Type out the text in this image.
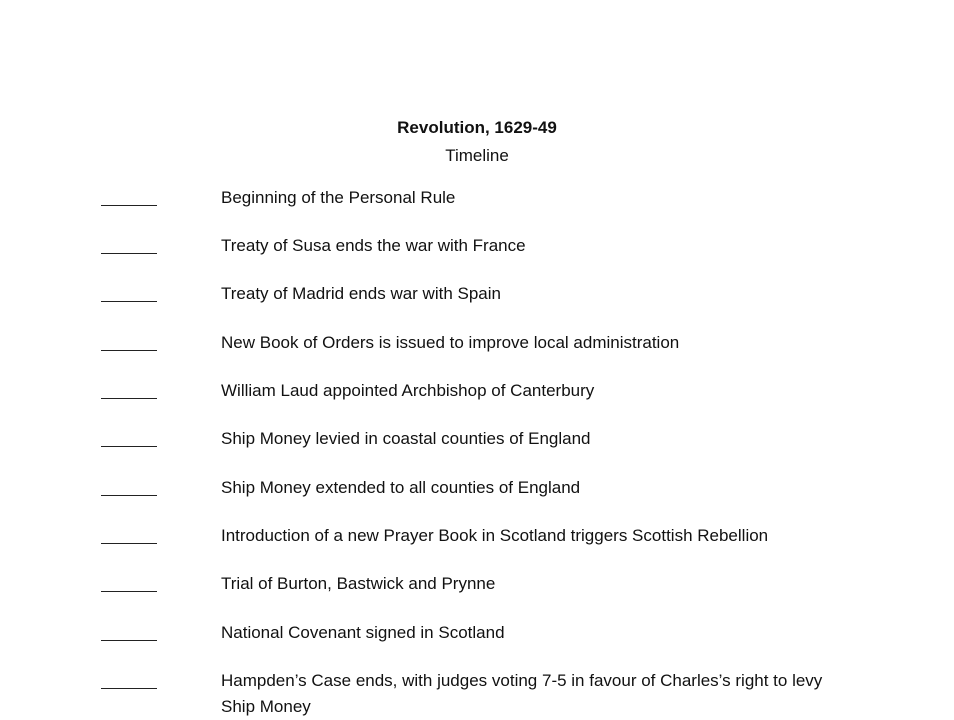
Revolution, 1629-49
Timeline
Beginning of the Personal Rule
Treaty of Susa ends the war with France
Treaty of Madrid ends war with Spain
New Book of Orders is issued to improve local administration
William Laud appointed Archbishop of Canterbury
Ship Money levied in coastal counties of England
Ship Money extended to all counties of England
Introduction of a new Prayer Book in Scotland triggers Scottish Rebellion
Trial of Burton, Bastwick and Prynne
National Covenant signed in Scotland
Hampden’s Case ends, with judges voting 7-5 in favour of Charles’s right to levy Ship Money
